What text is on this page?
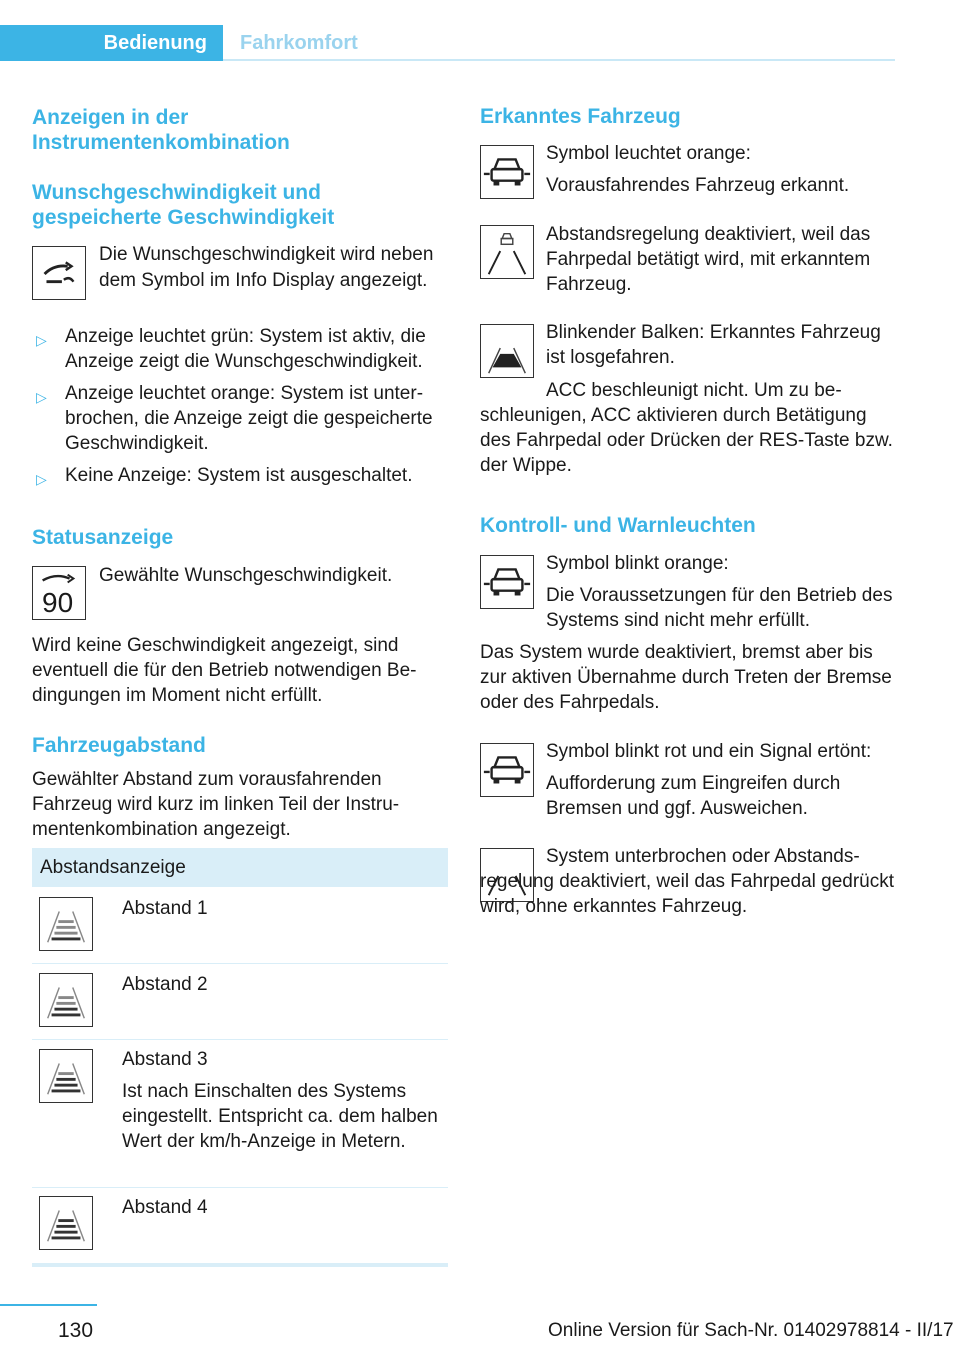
Bedienung	Fahrkomfort
Anzeigen in der Instrumentenkombination
Wunschgeschwindigkeit und gespeicherte Geschwindigkeit

Die Wunschgeschwindigkeit wird neben dem Symbol im Info Display angezeigt.

▷ Anzeige leuchtet grün: System ist aktiv, die Anzeige zeigt die Wunschgeschwindigkeit.

▷ Anzeige leuchtet orange: System ist unterbrochen, die Anzeige zeigt die gespeicherte Geschwindigkeit.

▷ Keine Anzeige: System ist ausgeschaltet.

Statusanzeige
90

Gewählte Wunschgeschwindigkeit.

Wird keine Geschwindigkeit angezeigt, sind eventuell die für den Betrieb notwendigen Bedingungen im Moment nicht erfüllt.

Fahrzeugabstand

Gewählter Abstand zum vorausfahrenden Fahrzeug wird kurz im linken Teil der Instrumentenkombination angezeigt.

Abstandsanzeige

Abstand 1

Abstand 2

Abstand 3

Ist nach Einschalten des Systems eingestellt. Entspricht ca. dem halben Wert der km/h-Anzeige in Metern.

Abstand 4

Erkanntes Fahrzeug

Symbol leuchtet orange:

Vorausfahrendes Fahrzeug erkannt.

Abstandsregelung deaktiviert, weil das Fahrpedal betätigt wird, mit erkanntem Fahrzeug.

Blinkender Balken: Erkanntes Fahrzeug ist losgefahren.

ACC beschleunigt nicht. Um zu beschleunigen, ACC aktivieren durch Betätigung des Fahrpedal oder Drücken der RES-Taste bzw. der Wippe.

Kontroll- und Warnleuchten

Symbol blinkt orange:

Die Voraussetzungen für den Betrieb des Systems sind nicht mehr erfüllt.

Das System wurde deaktiviert, bremst aber bis zur aktiven Übernahme durch Treten der Bremse oder des Fahrpedals.

Symbol blinkt rot und ein Signal ertönt:

Aufforderung zum Eingreifen durch Bremsen und ggf. Ausweichen.

System unterbrochen oder Abstandsregelung deaktiviert, weil das Fahrpedal gedrückt wird, ohne erkanntes Fahrzeug.

130	Online Version für Sach-Nr. 01402978814 - II/17
